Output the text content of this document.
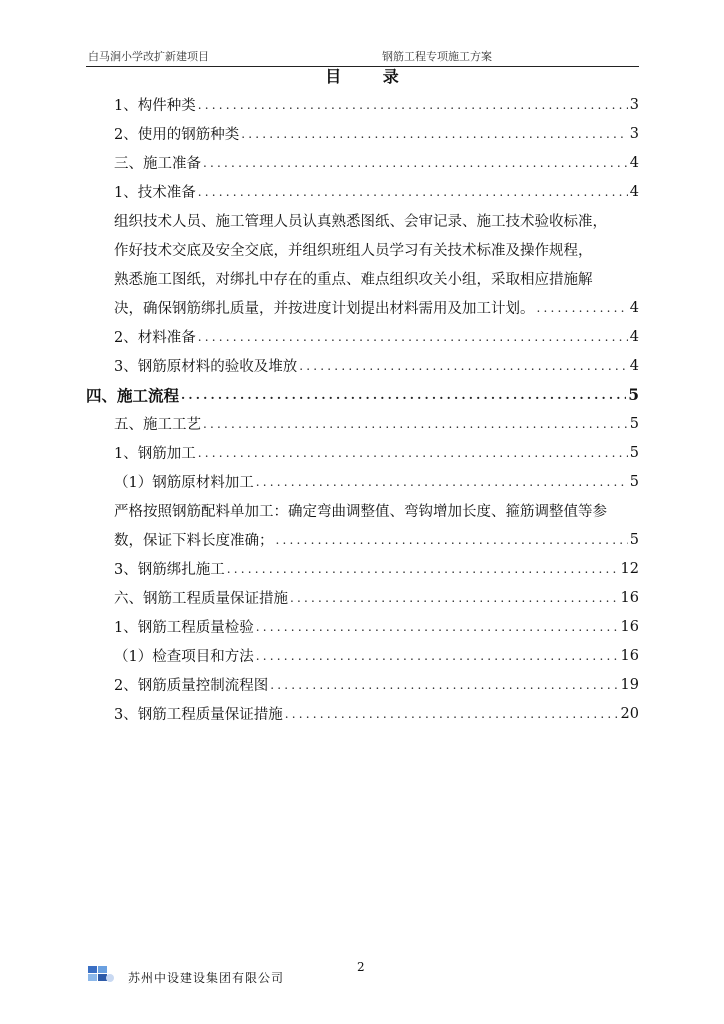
白马涧小学改扩新建项目	钢筋工程专项施工方案
目 录
1、构件种类 .....	3
2、使用的钢筋种类 .....	3
三、施工准备 .....	4
1、技术准备 .....	4
组织技术人员、施工管理人员认真熟悉图纸、会审记录、施工技术验收标准，
作好技术交底及安全交底，并组织班组人员学习有关技术标准及操作规程，
熟悉施工图纸，对绑扎中存在的重点、难点组织攻关小组，采取相应措施解
决，确保钢筋绑扎质量，并按进度计划提出材料需用及加工计划。 .....	4
2、材料准备 .....	4
3、钢筋原材料的验收及堆放 .....	4
四、施工流程 .....	5
五、施工工艺 .....	5
1、钢筋加工 .....	5
（1）钢筋原材料加工 .....	5
严格按照钢筋配料单加工：确定弯曲调整值、弯钩增加长度、箍筋调整值等参
数，保证下料长度准确； .....	5
3、钢筋绑扎施工 .....	12
六、钢筋工程质量保证措施 .....	16
1、钢筋工程质量检验 .....	16
（1）检查项目和方法 .....	16
2、钢筋质量控制流程图 .....	19
3、钢筋工程质量保证措施 .....	20
2
苏州中设建设集团有限公司
